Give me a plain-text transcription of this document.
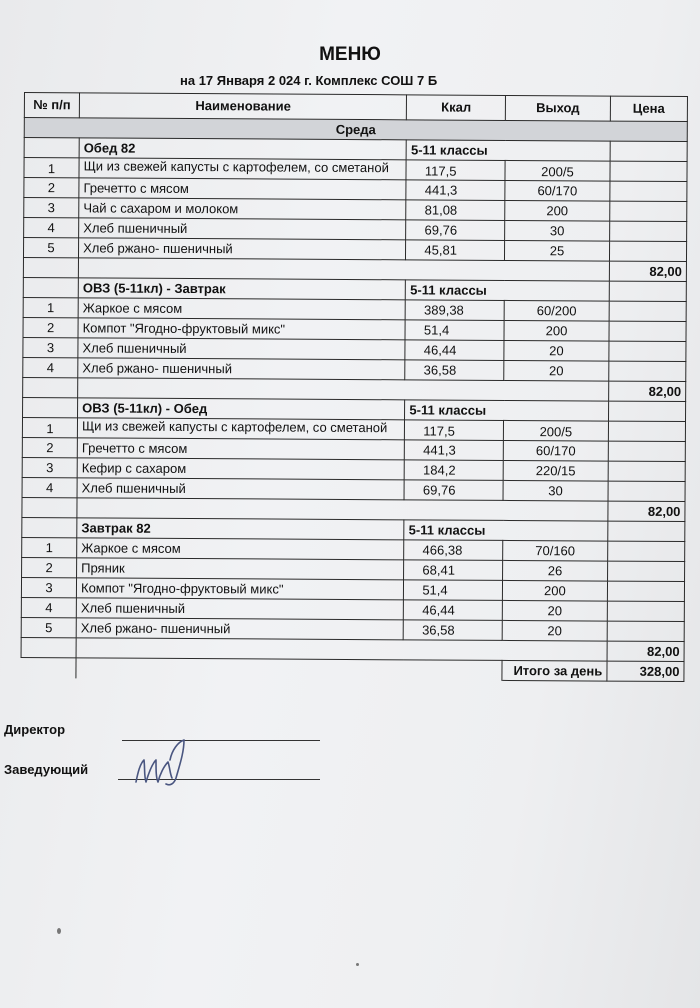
МЕНЮ
на 17 Января 2 024 г. Комплекс СОШ 7 Б
№ п/п	Наименование	Ккал	Выход	Цена
Среда				
	Обед 82	5-11 классы		
1	Щи из свежей капусты с картофелем, со сметаной	117,5	200/5	
2	Гречетто с мясом	441,3	60/170	
3	Чай с сахаром и молоком	81,08	200	
4	Хлеб пшеничный	69,76	30	
5	Хлеб ржано- пшеничный	45,81	25	
				82,00
	ОВЗ (5-11кл) - Завтрак	5-11 классы		
1	Жаркое с мясом	389,38	60/200	
2	Компот "Ягодно-фруктовый микс"	51,4	200	
3	Хлеб пшеничный	46,44	20	
4	Хлеб ржано- пшеничный	36,58	20	
				82,00
	ОВЗ (5-11кл) - Обед	5-11 классы		
1	Щи из свежей капусты с картофелем, со сметаной	117,5	200/5	
2	Гречетто с мясом	441,3	60/170	
3	Кефир с сахаром	184,2	220/15	
4	Хлеб пшеничный	69,76	30	
				82,00
	Завтрак 82	5-11 классы		
1	Жаркое с мясом	466,38	70/160	
2	Пряник	68,41	26	
3	Компот "Ягодно-фруктовый микс"	51,4	200	
4	Хлеб пшеничный	46,44	20	
5	Хлеб ржано- пшеничный	36,58	20	
				82,00
			Итого за день	328,00
Директор
Заведующий
